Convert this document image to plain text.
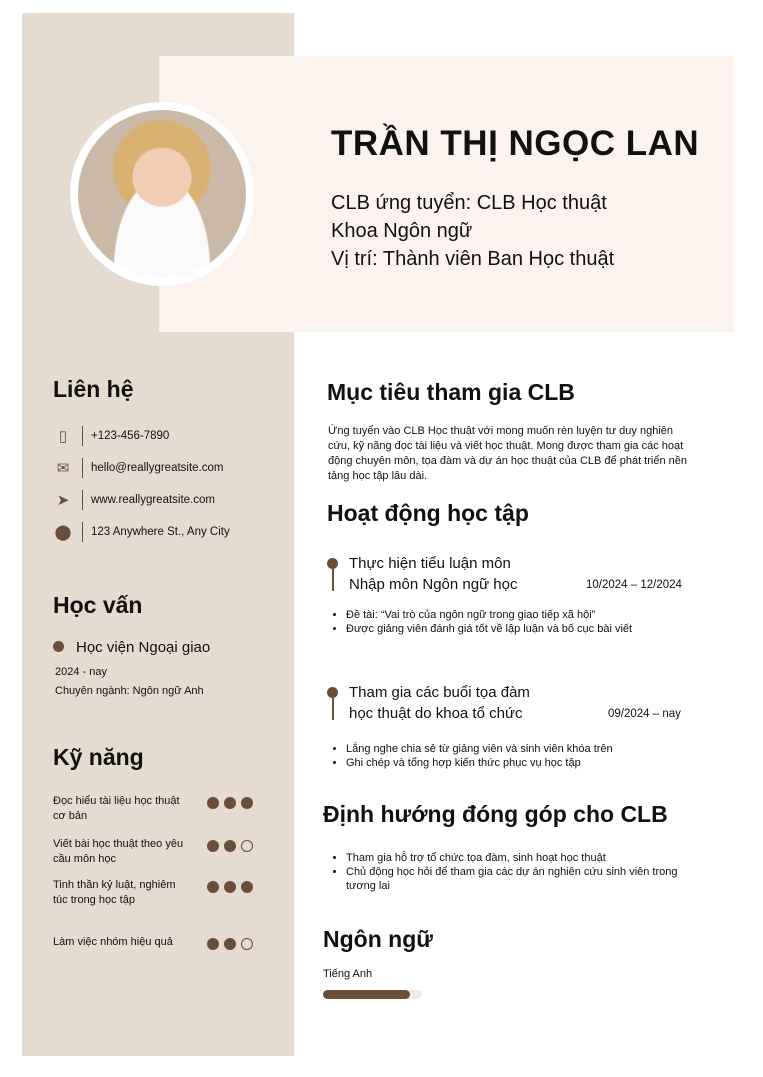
TRẦN THỊ NGỌC LAN
CLB ứng tuyển: CLB Học thuật
Khoa Ngôn ngữ
Vị trí: Thành viên Ban Học thuật
Liên hệ
▯	+123-456-7890
✉	hello@reallygreatsite.com
➤	www.reallygreatsite.com
⬤ 123 Anywhere St., Any City
Học vấn
Học viện Ngoại giao
2024 - nay
Chuyên ngành: Ngôn ngữ Anh
Kỹ năng
Đọc hiểu tài liệu học thuật cơ bản
Viết bài học thuật theo yêu cầu môn học
Tinh thần kỷ luật, nghiêm túc trong học tập
Làm việc nhóm hiệu quả
Mục tiêu tham gia CLB
Ứng tuyển vào CLB Học thuật với mong muốn rèn luyện tư duy nghiên cứu, kỹ năng đọc tài liệu và viết học thuật. Mong được tham gia các hoạt động chuyên môn, tọa đàm và dự án học thuật của CLB để phát triển nền tảng học tập lâu dài.
Hoạt động học tập
Thực hiện tiểu luận môn
Nhập môn Ngôn ngữ học	10/2024 – 12/2024
• Đề tài: “Vai trò của ngôn ngữ trong giao tiếp xã hội”
• Được giảng viên đánh giá tốt về lập luận và bố cục bài viết
Tham gia các buổi tọa đàm
học thuật do khoa tổ chức	09/2024 – nay
• Lắng nghe chia sẻ từ giảng viên và sinh viên khóa trên
• Ghi chép và tổng hợp kiến thức phục vụ học tập
Định hướng đóng góp cho CLB
• Tham gia hỗ trợ tổ chức tọa đàm, sinh hoạt học thuật
• Chủ động học hỏi để tham gia các dự án nghiên cứu sinh viên trong tương lai
Ngôn ngữ
Tiếng Anh
